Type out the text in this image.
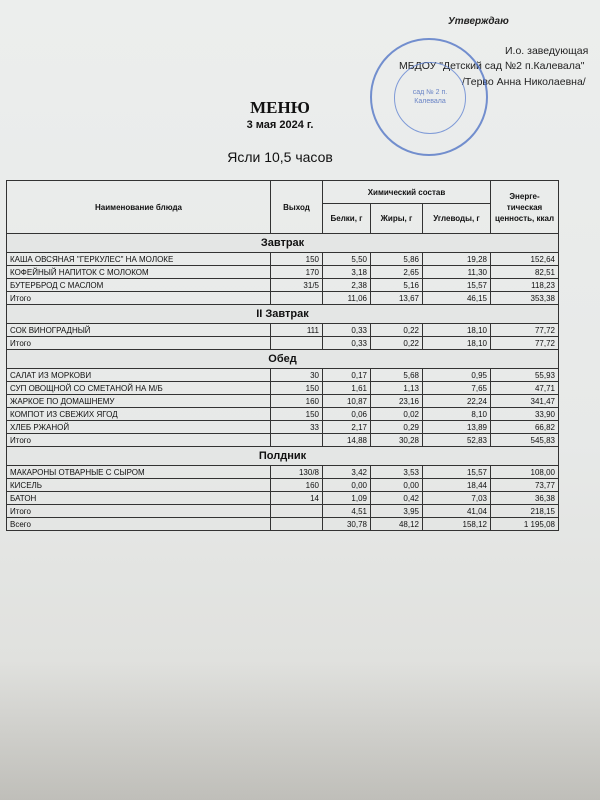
Утверждаю
И.о. заведующая
МБДОУ "Детский сад №2 п.Калевала"
/Терво Анна Николаевна/
сад № 2 п. Калевала
МЕНЮ
3 мая 2024 г.
Ясли 10,5 часов
Наименование блюда	Выход	Химический состав			Энерге-тическая ценность, ккал
		Белки, г	Жиры, г	Углеводы, г	
Завтрак					
КАША ОВСЯНАЯ "ГЕРКУЛЕС" НА МОЛОКЕ	150	5,50	5,86	19,28	152,64
КОФЕЙНЫЙ НАПИТОК С МОЛОКОМ	170	3,18	2,65	11,30	82,51
БУТЕРБРОД С МАСЛОМ	31/5	2,38	5,16	15,57	118,23
Итого		11,06	13,67	46,15	353,38
II Завтрак					
СОК ВИНОГРАДНЫЙ	111	0,33	0,22	18,10	77,72
Итого		0,33	0,22	18,10	77,72
Обед					
САЛАТ ИЗ МОРКОВИ	30	0,17	5,68	0,95	55,93
СУП ОВОЩНОЙ СО СМЕТАНОЙ НА М/Б	150	1,61	1,13	7,65	47,71
ЖАРКОЕ ПО ДОМАШНЕМУ	160	10,87	23,16	22,24	341,47
КОМПОТ ИЗ СВЕЖИХ ЯГОД	150	0,06	0,02	8,10	33,90
ХЛЕБ РЖАНОЙ	33	2,17	0,29	13,89	66,82
Итого		14,88	30,28	52,83	545,83
Полдник					
МАКАРОНЫ ОТВАРНЫЕ С СЫРОМ	130/8	3,42	3,53	15,57	108,00
КИСЕЛЬ	160	0,00	0,00	18,44	73,77
БАТОН	14	1,09	0,42	7,03	36,38
Итого		4,51	3,95	41,04	218,15
Всего		30,78	48,12	158,12	1 195,08
